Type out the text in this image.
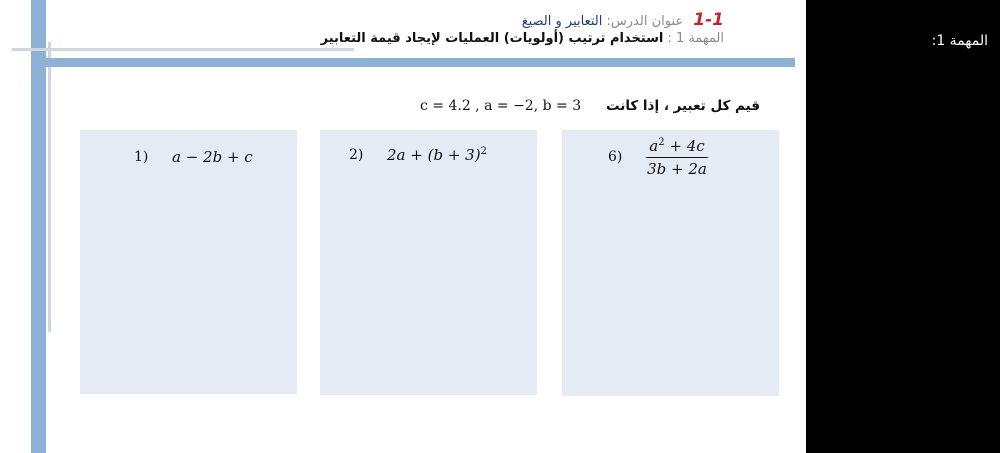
1-1 عنوان الدرس: التعابير و الصيغ
المهمة 1 : استخدام ترتيب (أولويات) العمليات لإيجاد قيمة التعابير
c = 4.2 , a = −2, b = 3 قيم كل تعبير ، إذا كانت
1) a − 2b + c	2) $2a + (b + 3)^2$	$6) \frac{a^2 + 4c}{3b + 2a}$
المهمة 1:
